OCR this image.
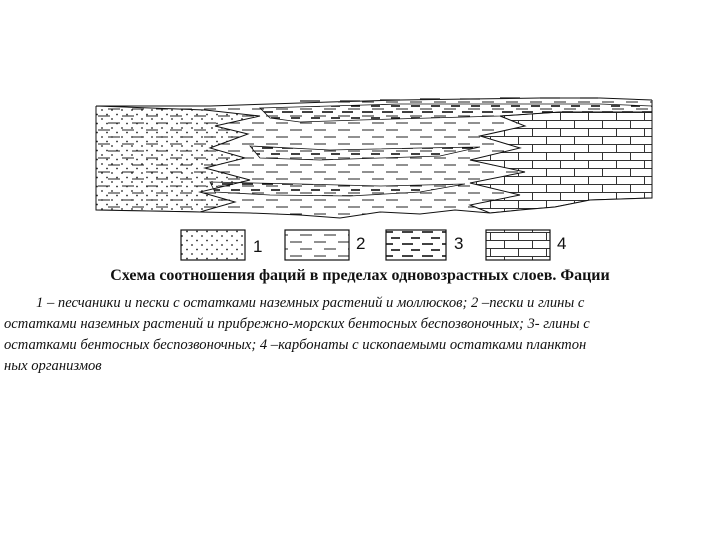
1	2	3	4

Схема соотношения фаций в пределах одновозрастных слоев. Фации

1 – песчаники и пески с остатками наземных растений и моллюсков; 2 –пески и глины с
остатками наземных растений и прибрежно-морских бентосных беспозвоночных; 3- глины с
остатками бентосных беспозвоночных; 4 –карбонаты с ископаемыми остатками планктон
ных организмов
